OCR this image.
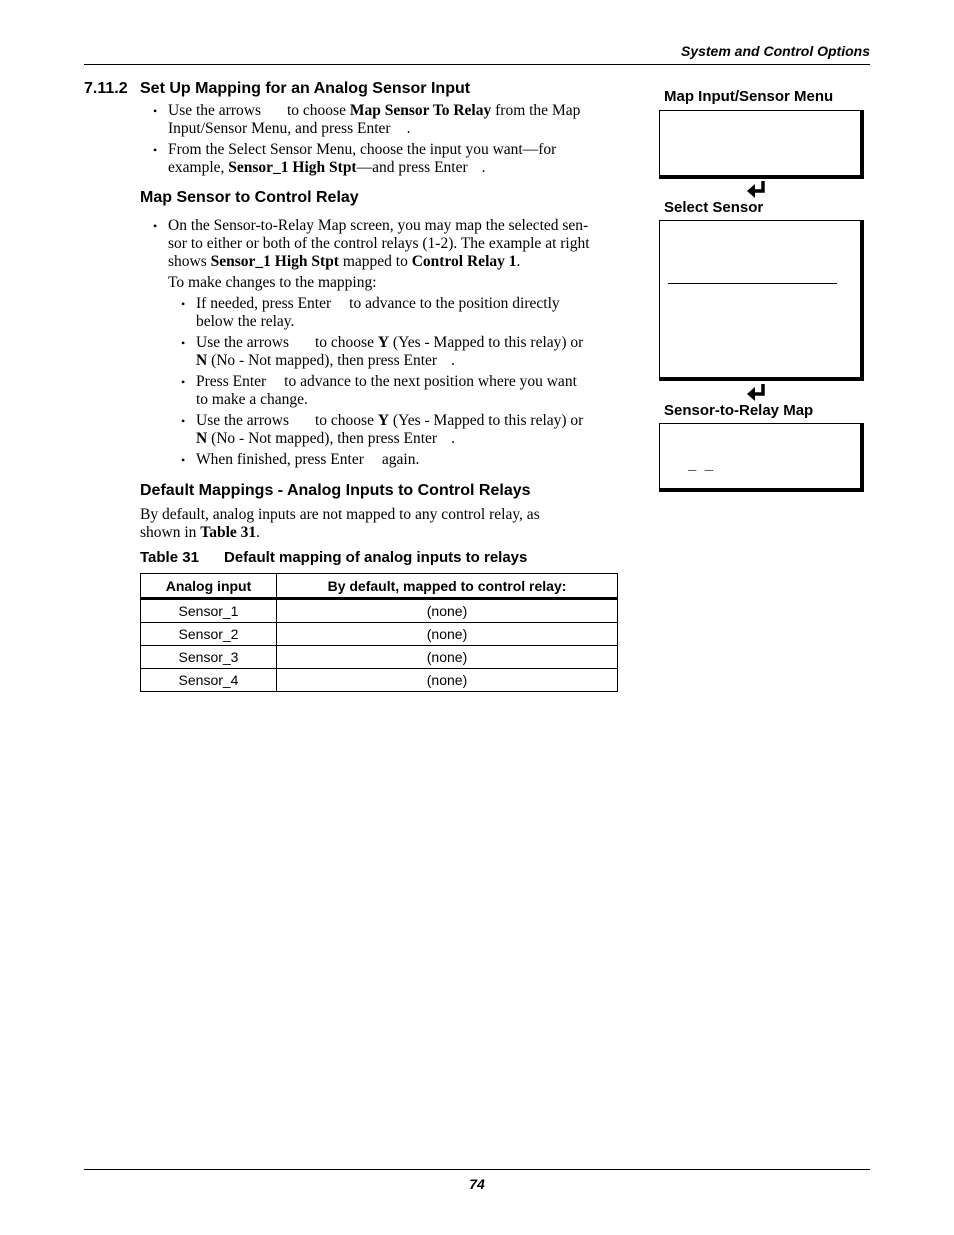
System and Control Options
7.11.2 Set Up Mapping for an Analog Sensor Input
• Use the arrows to choose Map Sensor To Relay from the Map
Input/Sensor Menu, and press Enter .
• From the Select Sensor Menu, choose the input you want—for
example, Sensor_1 High Stpt—and press Enter .
Map Sensor to Control Relay
• On the Sensor-to-Relay Map screen, you may map the selected sen-
sor to either or both of the control relays (1-2). The example at right
shows Sensor_1 High Stpt mapped to Control Relay 1.
To make changes to the mapping:
• If needed, press Enter to advance to the position directly
below the relay.
• Use the arrows to choose Y (Yes - Mapped to this relay) or
N (No - Not mapped), then press Enter .
• Press Enter to advance to the next position where you want
to make a change.
• Use the arrows to choose Y (Yes - Mapped to this relay) or
N (No - Not mapped), then press Enter .
• When finished, press Enter again.
Default Mappings - Analog Inputs to Control Relays
By default, analog inputs are not mapped to any control relay, as
shown in Table 31.
Table 31 Default mapping of analog inputs to relays
Analog input	By default, mapped to control relay:
Sensor_1	(none)
Sensor_2	(none)
Sensor_3	(none)
Sensor_4	(none)
Map Input/Sensor Menu
Select Sensor
Sensor-to-Relay Map
_ _
74
